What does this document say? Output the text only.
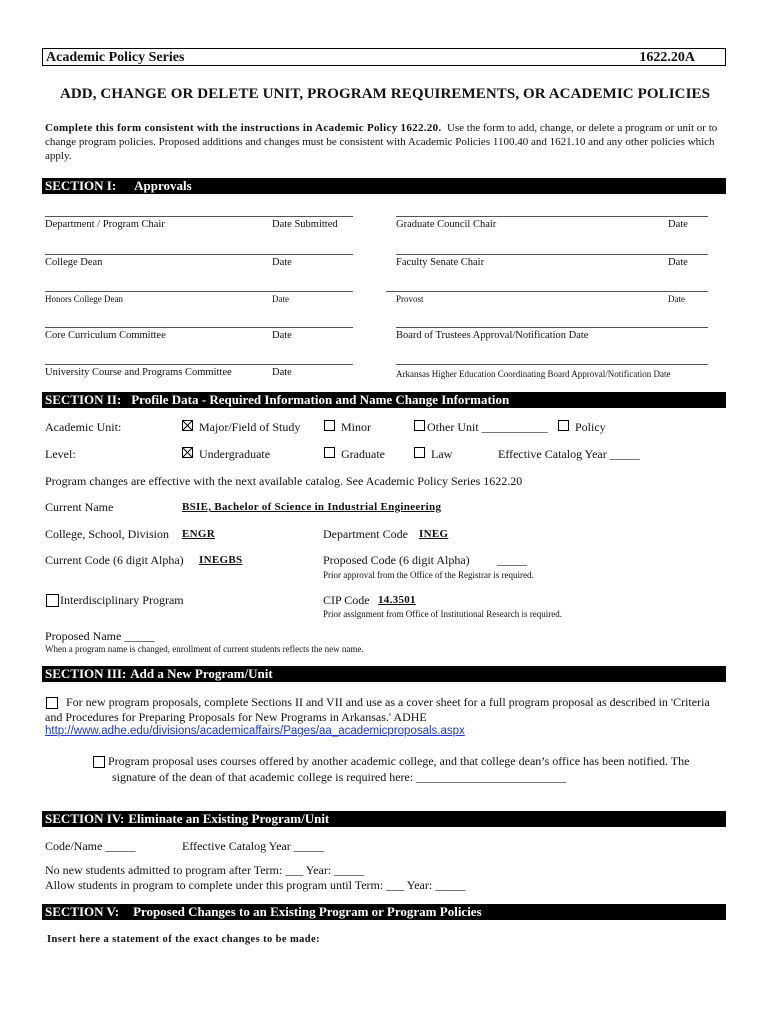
Academic Policy Series	1622.20A
ADD, CHANGE OR DELETE UNIT, PROGRAM REQUIREMENTS, OR ACADEMIC POLICIES
Complete this form consistent with the instructions in Academic Policy 1622.20. Use the form to add, change, or delete a program or unit or to change program policies. Proposed additions and changes must be consistent with Academic Policies 1100.40 and 1621.10 and any other policies which apply.
SECTION I: Approvals
Department / Program Chair	Date Submitted	Graduate Council Chair	Date
College Dean	Date	Faculty Senate Chair	Date
Honors College Dean	Date	Provost	Date
Core Curriculum Committee	Date	Board of Trustees Approval/Notification Date
University Course and Programs Committee	Date	Arkansas Higher Education Coordinating Board Approval/Notification Date
SECTION II: Profile Data - Required Information and Name Change Information
Academic Unit:	Major/Field of Study	Minor	Other Unit ___________ Policy
Level:	Undergraduate	Graduate	Law	Effective Catalog Year _____
Program changes are effective with the next available catalog. See Academic Policy Series 1622.20
Current Name	BSIE, Bachelor of Science in Industrial Engineering
College, School, Division ENGR	Department Code INEG
Current Code (6 digit Alpha) INEGBS	Proposed Code (6 digit Alpha) _____
Prior approval from the Office of the Registrar is required.
Interdisciplinary Program	CIP Code 14.3501
Prior assignment from Office of Institutional Research is required.
Proposed Name _____
When a program name is changed, enrollment of current students reflects the new name.
SECTION III: Add a New Program/Unit
For new program proposals, complete Sections II and VII and use as a cover sheet for a full program proposal as described in 'Criteria and Procedures for Preparing Proposals for New Programs in Arkansas.' ADHE
http://www.adhe.edu/divisions/academicaffairs/Pages/aa_academicproposals.aspx
Program proposal uses courses offered by another academic college, and that college dean’s office has been notified. The
signature of the dean of that academic college is required here: _________________________
SECTION IV: Eliminate an Existing Program/Unit
Code/Name _____	Effective Catalog Year _____
No new students admitted to program after Term: ___ Year: _____
Allow students in program to complete under this program until Term: ___ Year: _____
SECTION V: Proposed Changes to an Existing Program or Program Policies
Insert here a statement of the exact changes to be made:
